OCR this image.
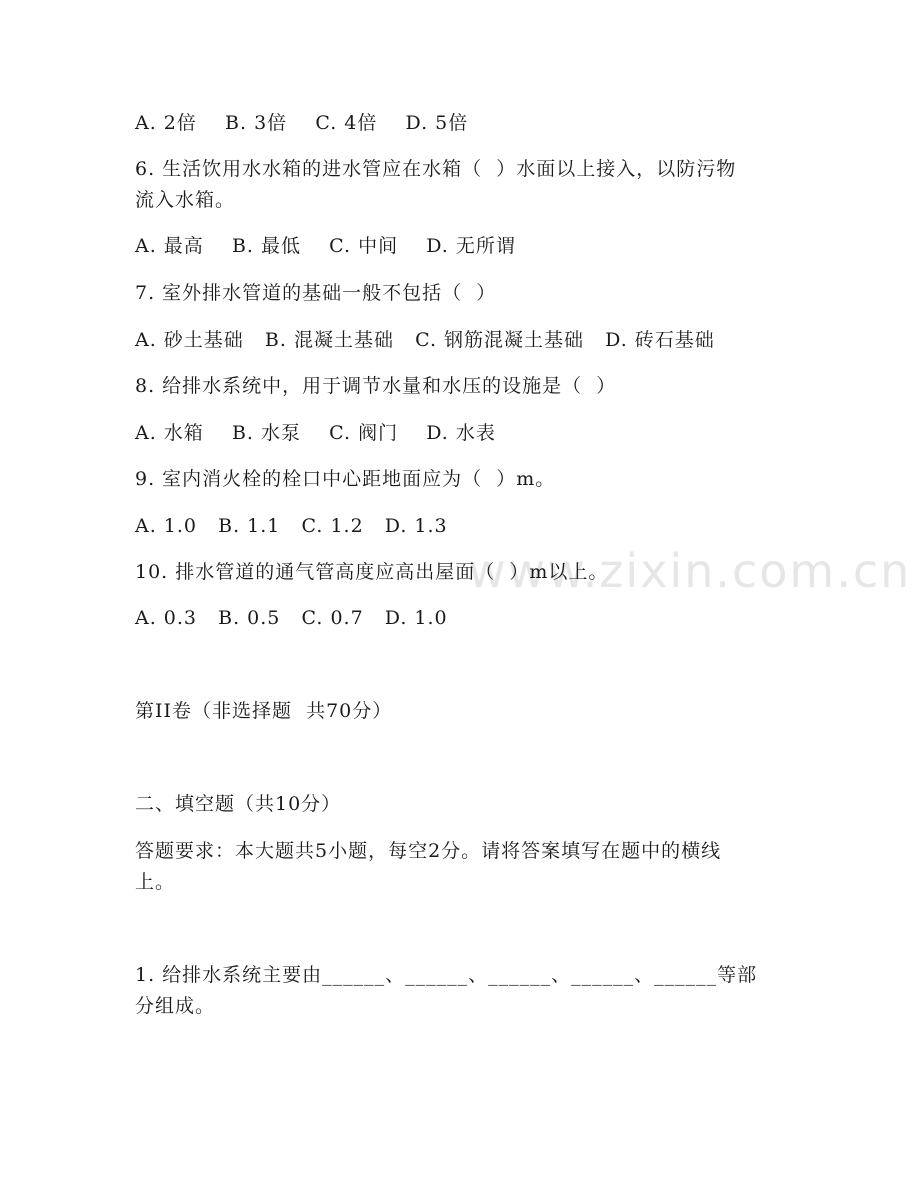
www.zixin.com.cn
A. 2倍    B. 3倍    C. 4倍    D. 5倍
6. 生活饮用水水箱的进水管应在水箱（  ）水面以上接入，以防污物
流入水箱。
A. 最高    B. 最低    C. 中间    D. 无所谓
7. 室外排水管道的基础一般不包括（  ）
A. 砂土基础   B. 混凝土基础   C. 钢筋混凝土基础   D. 砖石基础
8. 给排水系统中，用于调节水量和水压的设施是（  ）
A. 水箱    B. 水泵    C. 阀门    D. 水表
9. 室内消火栓的栓口中心距地面应为（  ）m。
A. 1.0   B. 1.1   C. 1.2   D. 1.3
10. 排水管道的通气管高度应高出屋面（  ）m以上。
A. 0.3   B. 0.5   C. 0.7   D. 1.0
第II卷（非选择题  共70分）
二、填空题（共10分）
答题要求：本大题共5小题，每空2分。请将答案填写在题中的横线
上。
1. 给排水系统主要由______、______、______、______、______等部
分组成。
